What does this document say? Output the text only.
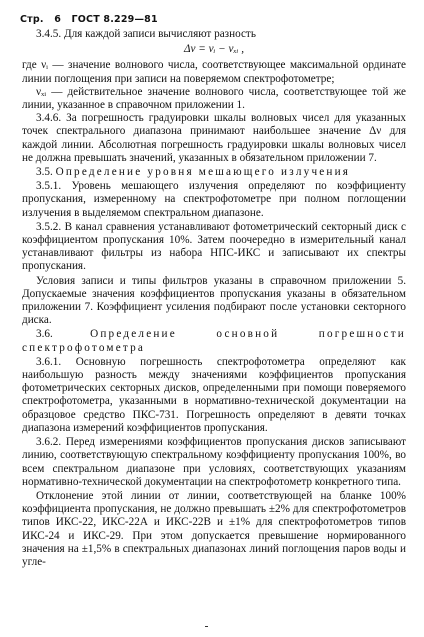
Стр. 6 ГОСТ 8.229—81

3.4.5. Для каждой записи вычисляют разность

Δν = νᵢ − νₓᵢ ,

где νᵢ — значение волнового числа, соответствующее максимальной ординате линии поглощения при записи на поверяемом спектрофотометре;

νₓᵢ — действительное значение волнового числа, соответствующее той же линии, указанное в справочном приложении 1.

3.4.6. За погрешность градуировки шкалы волновых чисел для указанных точек спектрального диапазона принимают наибольшее значение Δν для каждой линии. Абсолютная погрешность градуировки шкалы волновых чисел не должна превышать значений, указанных в обязательном приложении 7.

3.5. Определение уровня мешающего излучения

3.5.1. Уровень мешающего излучения определяют по коэффициенту пропускания, измеренному на спектрофотометре при полном поглощении излучения в выделяемом спектральном диапазоне.

3.5.2. В канал сравнения устанавливают фотометрический секторный диск с коэффициентом пропускания 10%. Затем поочередно в измерительный канал устанавливают фильтры из набора НПС-ИКС и записывают их спектры пропускания.

Условия записи и типы фильтров указаны в справочном приложении 5. Допускаемые значения коэффициентов пропускания указаны в обязательном приложении 7. Коэффициент усиления подбирают после установки секторного диска.

3.6.	Определение основной погрешности спектрофотометра

3.6.1. Основную погрешность спектрофотометра определяют как наибольшую разность между значениями коэффициентов пропускания фотометрических секторных дисков, определенными при помощи поверяемого спектрофотометра, указанными в нормативно-технической документации на образцовое средство ПКС-731. Погрешность определяют в девяти точках диапазона измерений коэффициентов пропускания.

3.6.2. Перед измерениями коэффициентов пропускания дисков записывают линию, соответствующую спектральному коэффициенту пропускания 100%, во всем спектральном диапазоне при условиях, соответствующих указаниям нормативно-технической документации на спектрофотометр конкретного типа.

Отклонение этой линии от линии, соответствующей на бланке 100% коэффициента пропускания, не должно превышать ±2% для спектрофотометров типов ИКС-22, ИКС-22А и ИКС-22В и ±1% для спектрофотометров типов ИКС-24 и ИКС-29. При этом допускается превышение нормированного значения на ±1,5% в спектральных диапазонах линий поглощения паров воды и угле-
